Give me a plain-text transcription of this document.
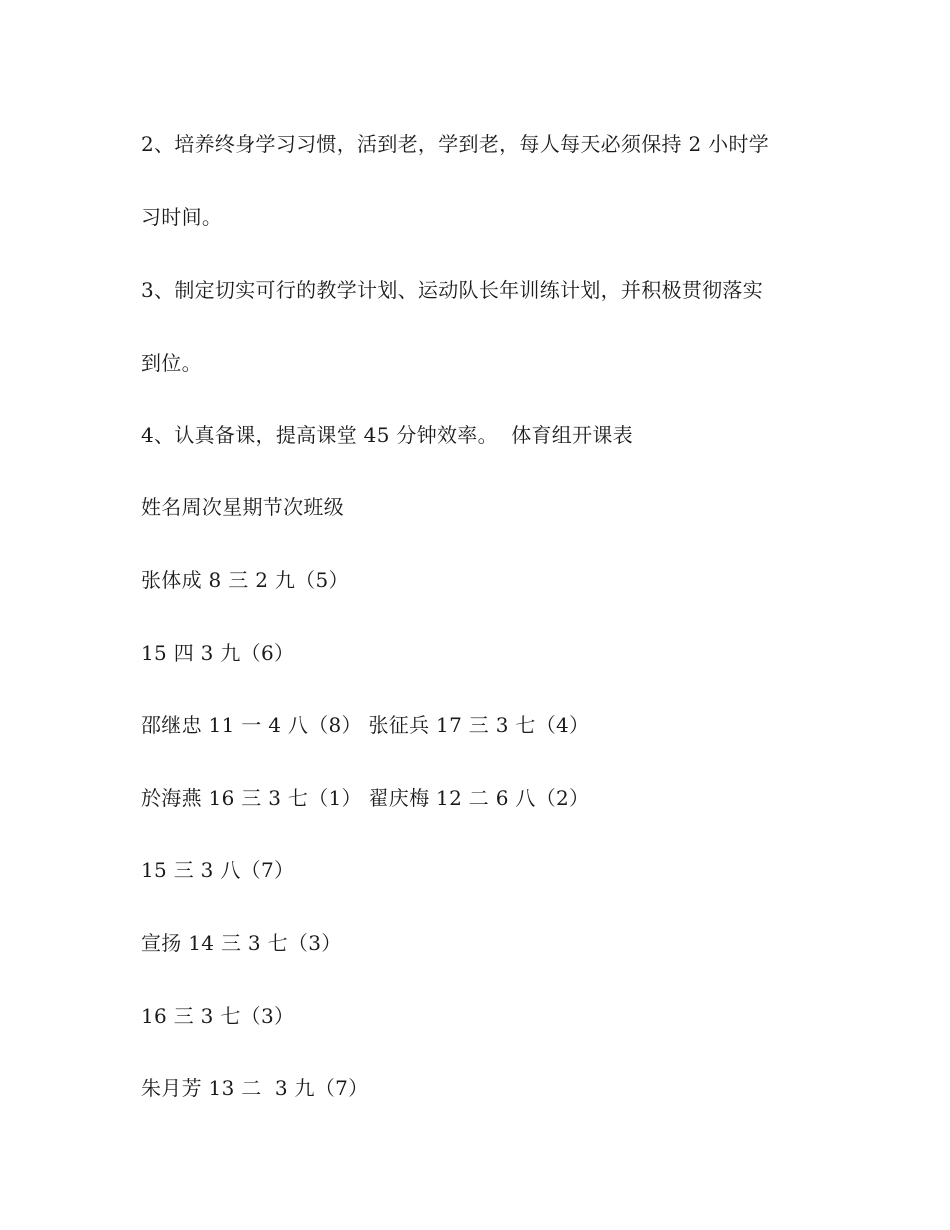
2、培养终身学习习惯，活到老，学到老，每人每天必须保持 2 小时学
习时间。
3、制定切实可行的教学计划、运动队长年训练计划，并积极贯彻落实
到位。
4、认真备课，提高课堂 45 分钟效率。  体育组开课表
姓名周次星期节次班级
张体成 8 三 2 九（5）
15 四 3 九（6）
邵继忠 11 一 4 八（8） 张征兵 17 三 3 七（4）
於海燕 16 三 3 七（1） 翟庆梅 12 二 6 八（2）
15 三 3 八（7）
宣扬 14 三 3 七（3）
16 三 3 七（3）
朱月芳 13 二  3 九（7）
